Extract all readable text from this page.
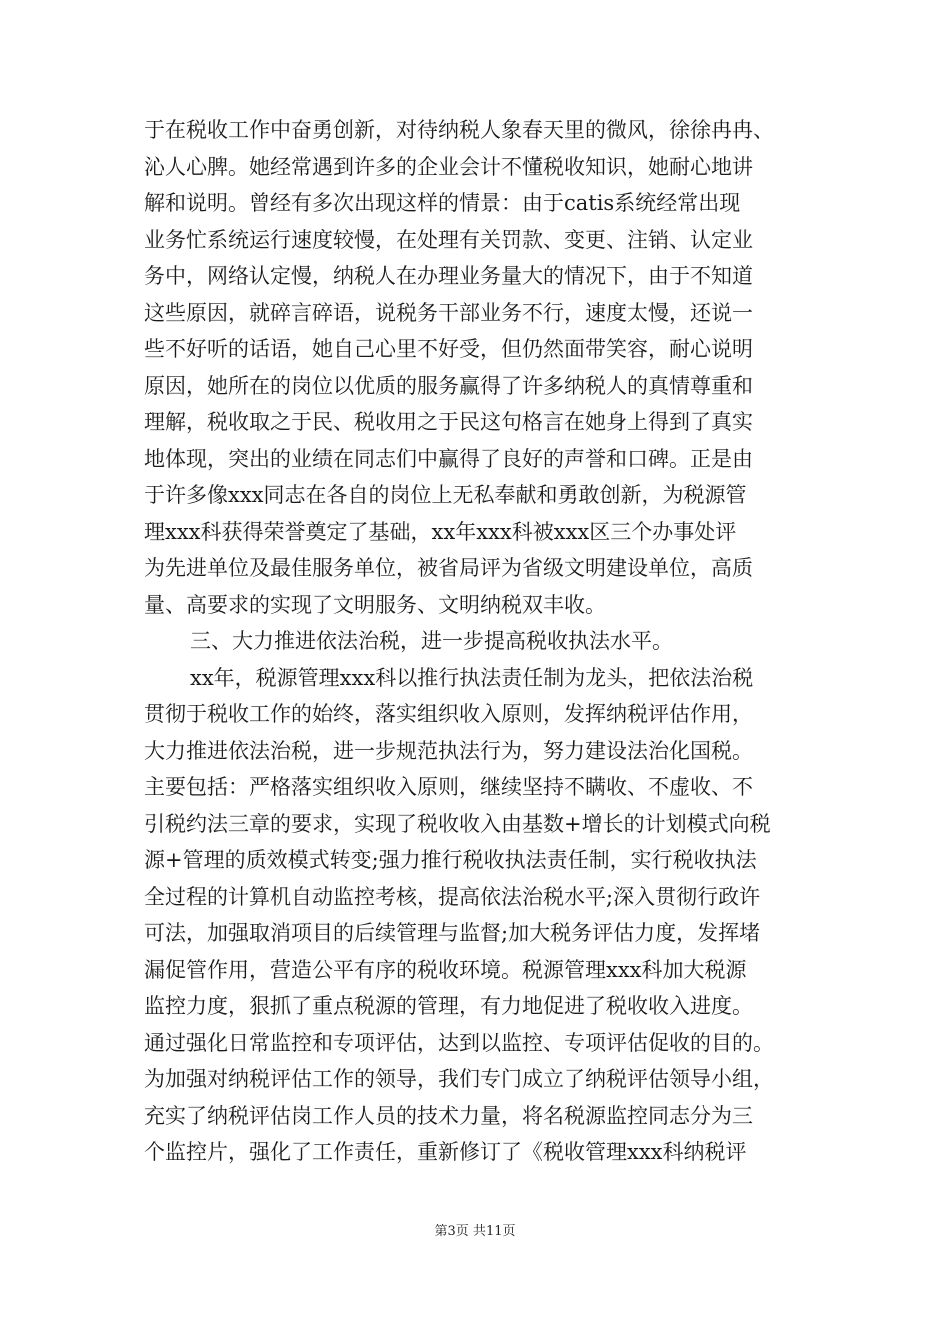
于在税收工作中奋勇创新，对待纳税人象春天里的微风，徐徐冉冉、
沁人心脾。她经常遇到许多的企业会计不懂税收知识，她耐心地讲
解和说明。曾经有多次出现这样的情景：由于catis系统经常出现
业务忙系统运行速度较慢，在处理有关罚款、变更、注销、认定业
务中，网络认定慢，纳税人在办理业务量大的情况下，由于不知道
这些原因，就碎言碎语，说税务干部业务不行，速度太慢，还说一
些不好听的话语，她自己心里不好受，但仍然面带笑容，耐心说明
原因，她所在的岗位以优质的服务赢得了许多纳税人的真情尊重和
理解，税收取之于民、税收用之于民这句格言在她身上得到了真实
地体现，突出的业绩在同志们中赢得了良好的声誉和口碑。正是由
于许多像xxx同志在各自的岗位上无私奉献和勇敢创新，为税源管
理xxx科获得荣誉奠定了基础，xx年xxx科被xxx区三个办事处评
为先进单位及最佳服务单位，被省局评为省级文明建设单位，高质
量、高要求的实现了文明服务、文明纳税双丰收。
三、大力推进依法治税，进一步提高税收执法水平。
xx年，税源管理xxx科以推行执法责任制为龙头，把依法治税
贯彻于税收工作的始终，落实组织收入原则，发挥纳税评估作用，
大力推进依法治税，进一步规范执法行为，努力建设法治化国税。
主要包括：严格落实组织收入原则，继续坚持不瞒收、不虚收、不
引税约法三章的要求，实现了税收收入由基数+增长的计划模式向税
源+管理的质效模式转变;强力推行税收执法责任制，实行税收执法
全过程的计算机自动监控考核，提高依法治税水平;深入贯彻行政许
可法，加强取消项目的后续管理与监督;加大税务评估力度，发挥堵
漏促管作用，营造公平有序的税收环境。税源管理xxx科加大税源
监控力度，狠抓了重点税源的管理，有力地促进了税收收入进度。
通过强化日常监控和专项评估，达到以监控、专项评估促收的目的。
为加强对纳税评估工作的领导，我们专门成立了纳税评估领导小组，
充实了纳税评估岗工作人员的技术力量，将名税源监控同志分为三
个监控片，强化了工作责任，重新修订了《税收管理xxx科纳税评
第3页 共11页
